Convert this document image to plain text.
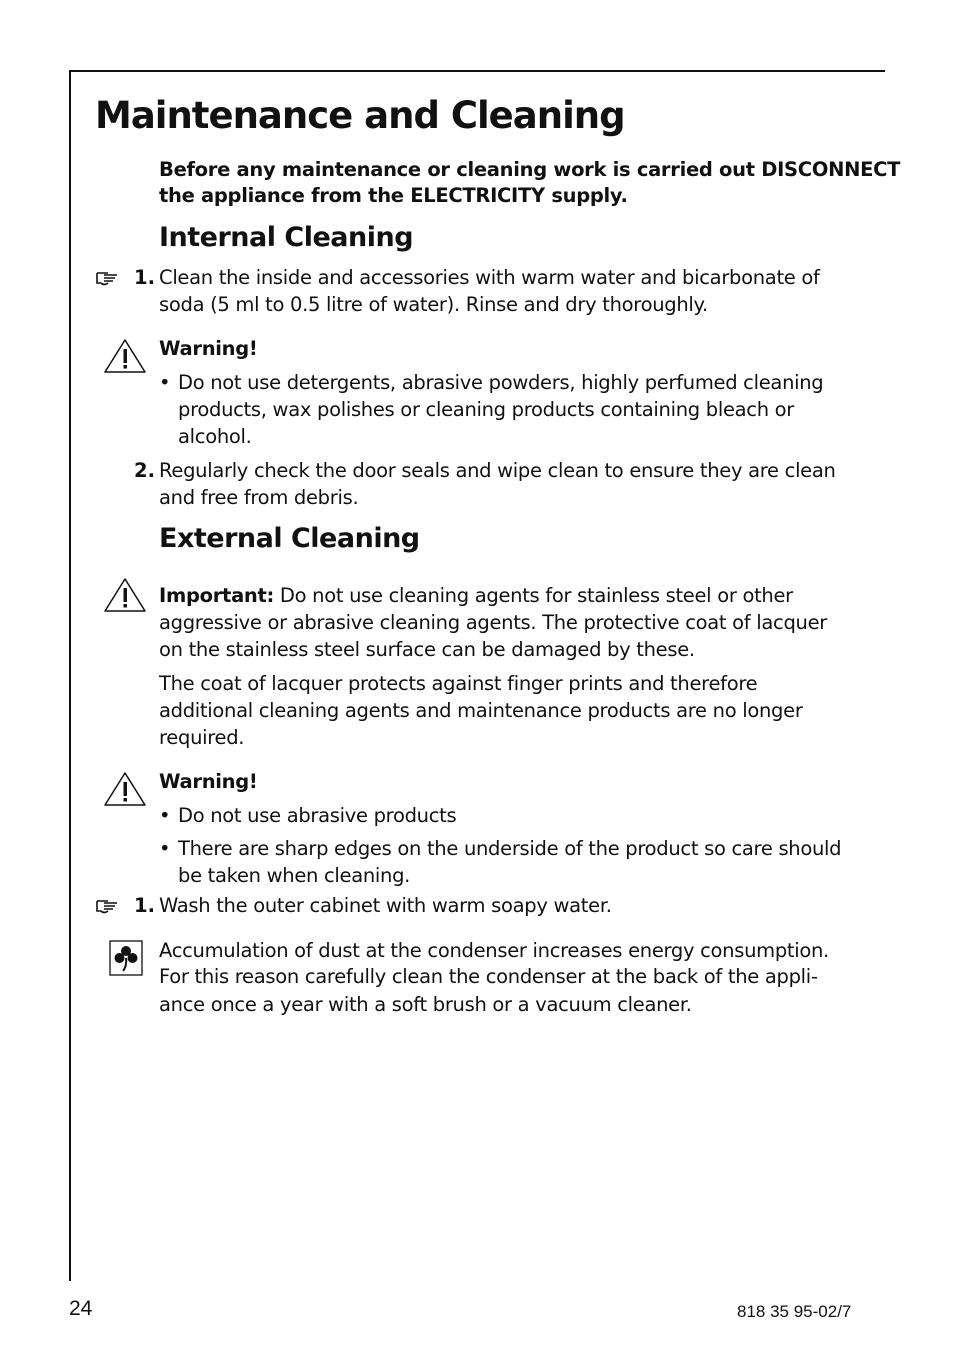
Maintenance and Cleaning

Before any maintenance or cleaning work is carried out DISCONNECT

the appliance from the ELECTRICITY supply.

Internal Cleaning
1. Clean the inside and accessories with warm water and bicarbonate of

soda (5 ml to 0.5 litre of water). Rinse and dry thoroughly.

Warning!

• Do not use detergents, abrasive powders, highly perfumed cleaning

products, wax polishes or cleaning products containing bleach or

alcohol.

2. Regularly check the door seals and wipe clean to ensure they are clean

and free from debris.

External Cleaning

Important: Do not use cleaning agents for stainless steel or other

aggressive or abrasive cleaning agents. The protective coat of lacquer

on the stainless steel surface can be damaged by these.

The coat of lacquer protects against finger prints and therefore

additional cleaning agents and maintenance products are no longer

required.

Warning!

• Do not use abrasive products

• There are sharp edges on the underside of the product so care should

be taken when cleaning.

1. Wash the outer cabinet with warm soapy water.

Accumulation of dust at the condenser increases energy consumption.

For this reason carefully clean the condenser at the back of the appli-

ance once a year with a soft brush or a vacuum cleaner.

24	818 35 95-02/7
